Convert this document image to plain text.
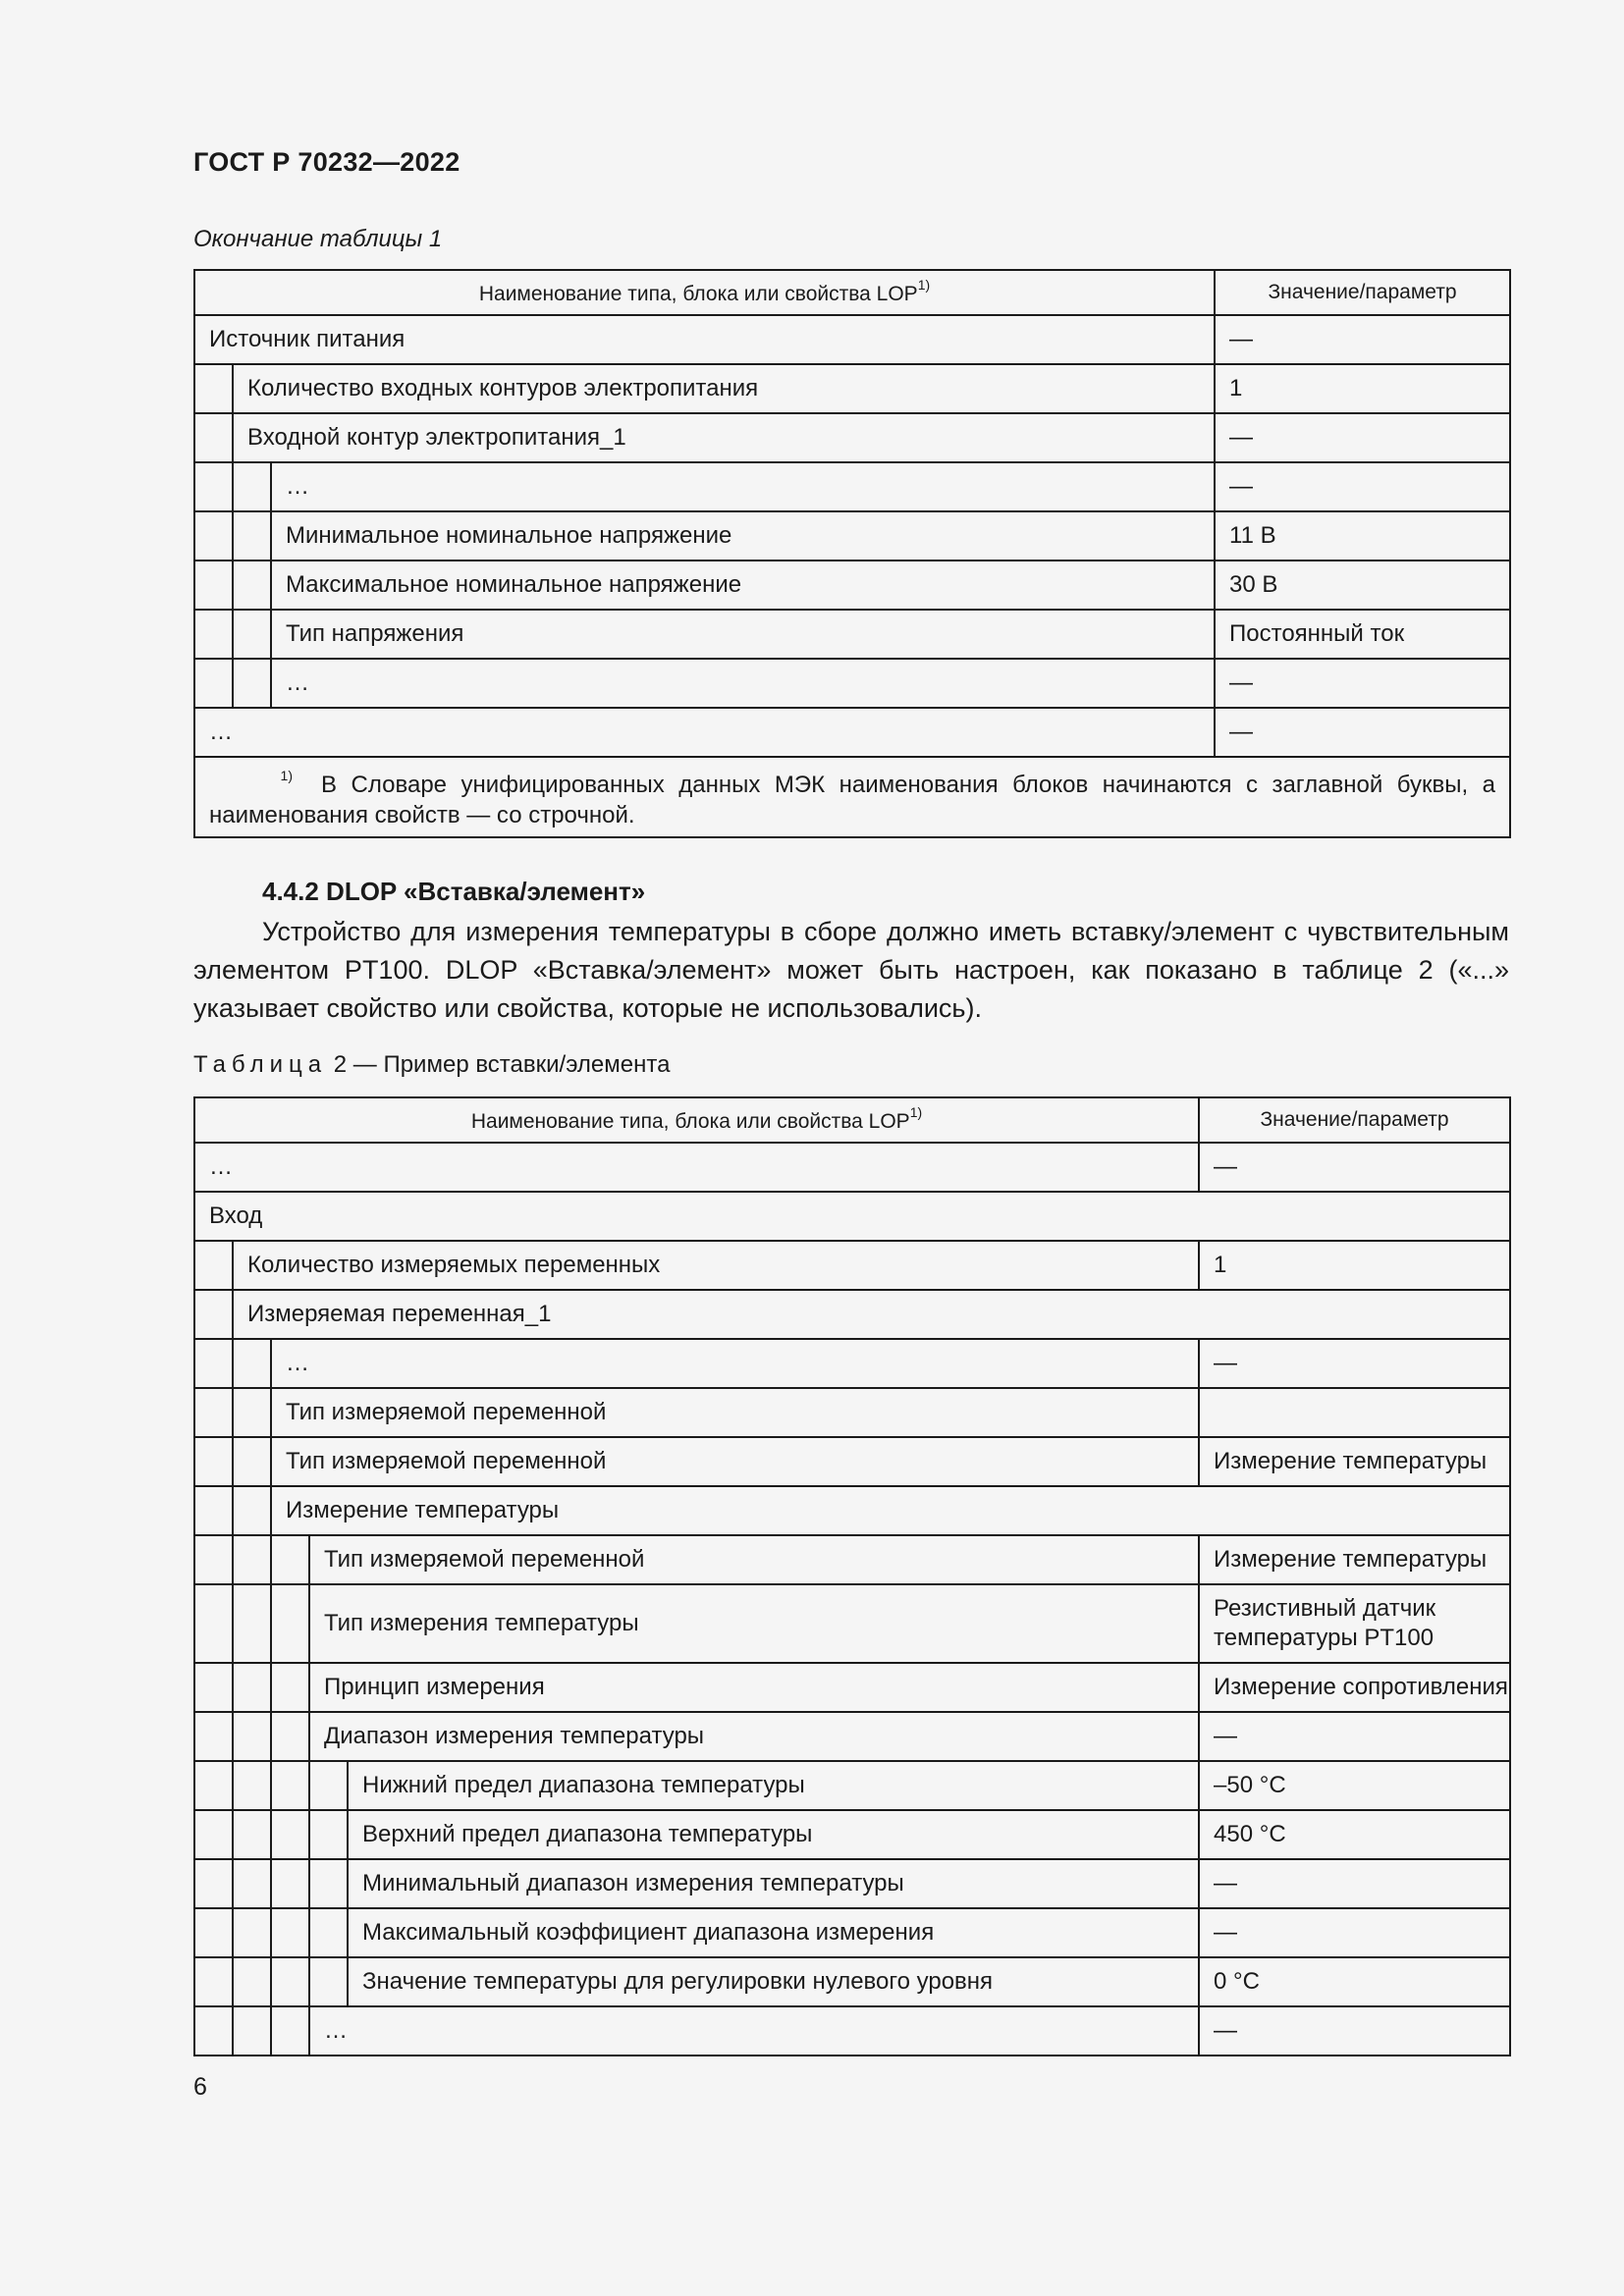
ГОСТ Р 70232—2022
Окончание таблицы 1
Наименование типа, блока или свойства LOP$^{1)}$			Значение/параметр
Источник питания			—
	Количество входных контуров электропитания		1
	Входной контур электропитания_1		—
		…	—
		Минимальное номинальное напряжение	11 В
		Максимальное номинальное напряжение	30 В
		Тип напряжения	Постоянный ток
		…	—
…			—
$^{1)}$ В Словаре унифицированных данных МЭК наименования блоков начинаются с заглавной буквы, а наименования свойств — со строчной.			
4.4.2 DLOP «Вставка/элемент»
Устройство для измерения температуры в сборе должно иметь вставку/элемент с чувствительным элементом PT100. DLOP «Вставка/элемент» может быть настроен, как показано в таблице 2 («...» указывает свойство или свойства, которые не использовались).
Таблица 2 — Пример вставки/элемента
Наименование типа, блока или свойства LOP$^{1)}$					Значение/параметр
…					—
Вход					
	Количество измеряемых переменных				1
	Измеряемая переменная_1				
		…			—
		Тип измеряемой переменной			
		Тип измеряемой переменной			Измерение температуры
		Измерение температуры			
			Тип измеряемой переменной		Измерение температуры
			Тип измерения температуры		Резистивный датчик температуры PT100
			Принцип измерения		Измерение сопротивления
			Диапазон измерения температуры		—
				Нижний предел диапазона температуры	–50 °C
				Верхний предел диапазона температуры	450 °C
				Минимальный диапазон измерения температуры	—
				Максимальный коэффициент диапазона измерения	—
				Значение температуры для регулировки нулевого уровня	0 °C
			…		—
6
